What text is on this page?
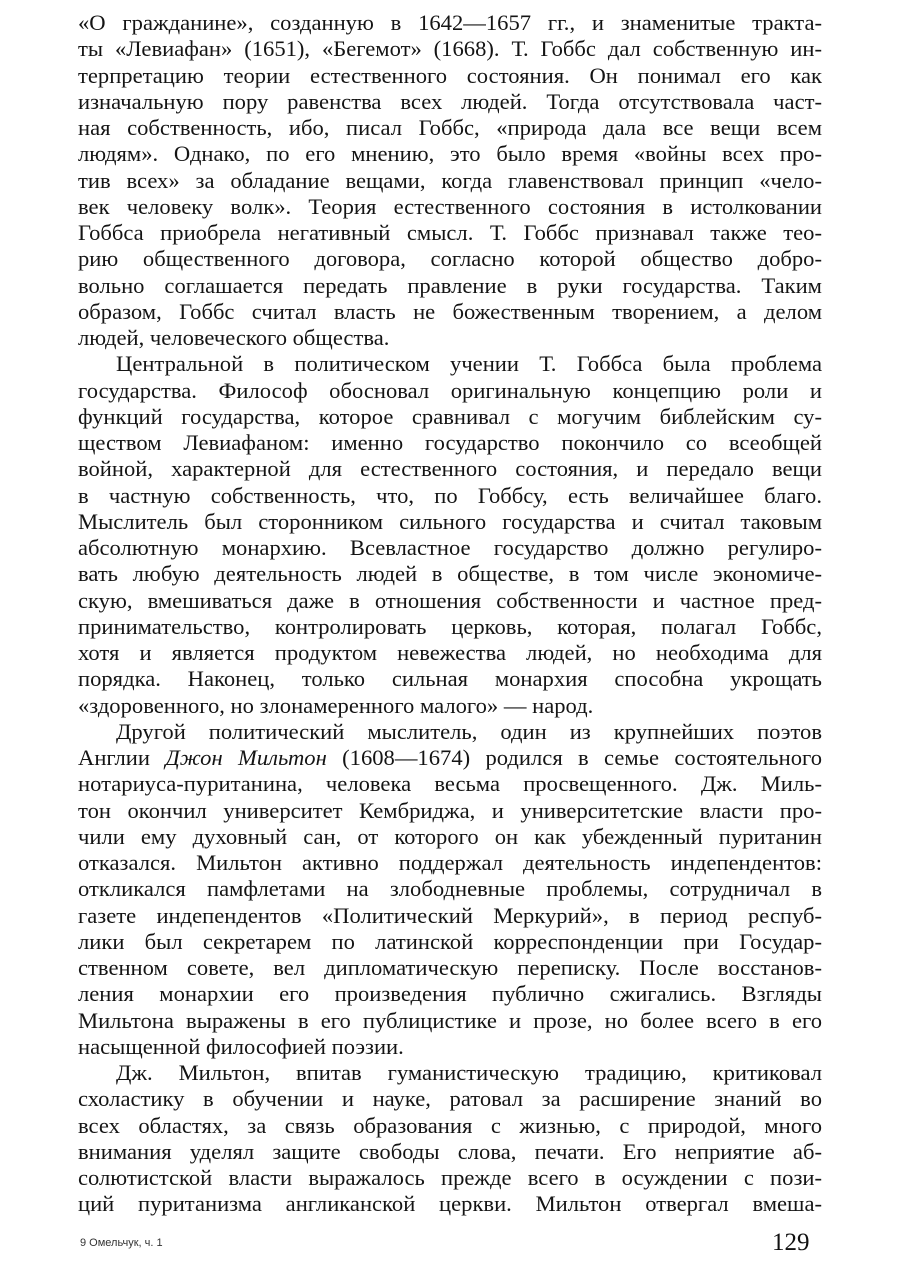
«О гражданине», созданную в 1642—1657 гг., и знаменитые тракта-
ты «Левиафан» (1651), «Бегемот» (1668). Т. Гоббс дал собственную ин-
терпретацию теории естественного состояния. Он понимал его как
изначальную пору равенства всех людей. Тогда отсутствовала част-
ная собственность, ибо, писал Гоббс, «природа дала все вещи всем
людям». Однако, по его мнению, это было время «войны всех про-
тив всех» за обладание вещами, когда главенствовал принцип «чело-
век человеку волк». Теория естественного состояния в истолковании
Гоббса приобрела негативный смысл. Т. Гоббс признавал также тео-
рию общественного договора, согласно которой общество добро-
вольно соглашается передать правление в руки государства. Таким
образом, Гоббс считал власть не божественным творением, а делом
людей, человеческого общества.
Центральной в политическом учении Т. Гоббса была проблема
государства. Философ обосновал оригинальную концепцию роли и
функций государства, которое сравнивал с могучим библейским су-
ществом Левиафаном: именно государство покончило со всеобщей
войной, характерной для естественного состояния, и передало вещи
в частную собственность, что, по Гоббсу, есть величайшее благо.
Мыслитель был сторонником сильного государства и считал таковым
абсолютную монархию. Всевластное государство должно регулиро-
вать любую деятельность людей в обществе, в том числе экономиче-
скую, вмешиваться даже в отношения собственности и частное пред-
принимательство, контролировать церковь, которая, полагал Гоббс,
хотя и является продуктом невежества людей, но необходима для
порядка. Наконец, только сильная монархия способна укрощать
«здоровенного, но злонамеренного малого» — народ.
Другой политический мыслитель, один из крупнейших поэтов
Англии Джон Мильтон (1608—1674) родился в семье состоятельного
нотариуса-пуританина, человека весьма просвещенного. Дж. Миль-
тон окончил университет Кембриджа, и университетские власти про-
чили ему духовный сан, от которого он как убежденный пуританин
отказался. Мильтон активно поддержал деятельность индепендентов:
откликался памфлетами на злободневные проблемы, сотрудничал в
газете индепендентов «Политический Меркурий», в период респуб-
лики был секретарем по латинской корреспонденции при Государ-
ственном совете, вел дипломатическую переписку. После восстанов-
ления монархии его произведения публично сжигались. Взгляды
Мильтона выражены в его публицистике и прозе, но более всего в его
насыщенной философией поэзии.
Дж. Мильтон, впитав гуманистическую традицию, критиковал
схоластику в обучении и науке, ратовал за расширение знаний во
всех областях, за связь образования с жизнью, с природой, много
внимания уделял защите свободы слова, печати. Его неприятие аб-
солютистской власти выражалось прежде всего в осуждении с пози-
ций пуританизма англиканской церкви. Мильтон отвергал вмеша-
9 Омельчук, ч. 1	129
